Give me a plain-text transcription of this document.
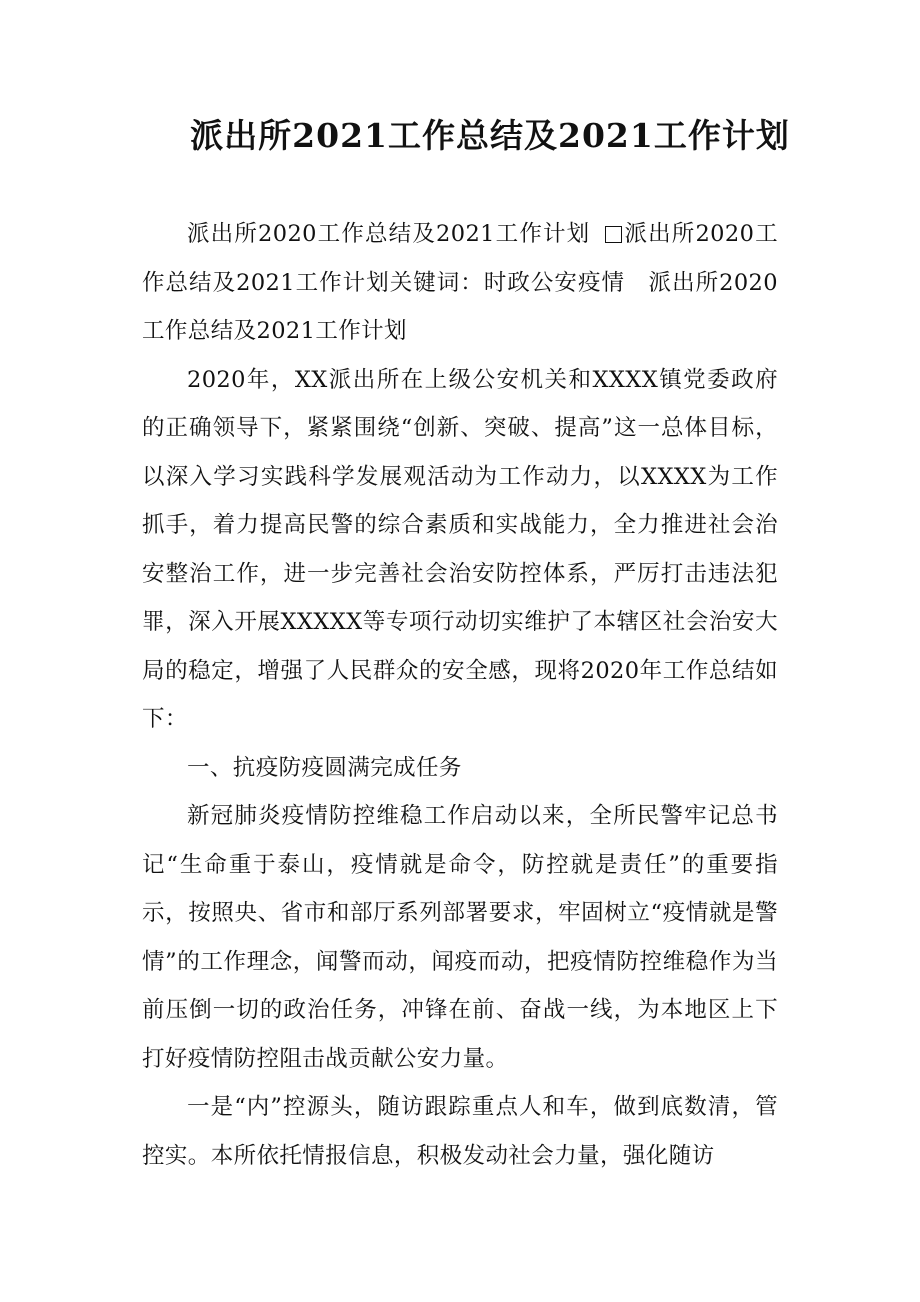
派出所2021工作总结及2021工作计划

派出所2020工作总结及2021工作计划 派出所2020工作总结及2021工作计划关键词：时政公安疫情　派出所2020工作总结及2021工作计划

2020年，XX派出所在上级公安机关和XXXX镇党委政府的正确领导下，紧紧围绕“创新、突破、提高”这一总体目标，以深入学习实践科学发展观活动为工作动力，以XXXX为工作抓手，着力提高民警的综合素质和实战能力，全力推进社会治安整治工作，进一步完善社会治安防控体系，严厉打击违法犯罪，深入开展XXXXX等专项行动切实维护了本辖区社会治安大局的稳定，增强了人民群众的安全感，现将2020年工作总结如下：

一、抗疫防疫圆满完成任务

新冠肺炎疫情防控维稳工作启动以来，全所民警牢记总书记“生命重于泰山，疫情就是命令，防控就是责任”的重要指示，按照央、省市和部厅系列部署要求，牢固树立“疫情就是警情”的工作理念，闻警而动，闻疫而动，把疫情防控维稳作为当前压倒一切的政治任务，冲锋在前、奋战一线，为本地区上下打好疫情防控阻击战贡献公安力量。

一是“内”控源头，随访跟踪重点人和车，做到底数清，管控实。本所依托情报信息，积极发动社会力量，强化随访
